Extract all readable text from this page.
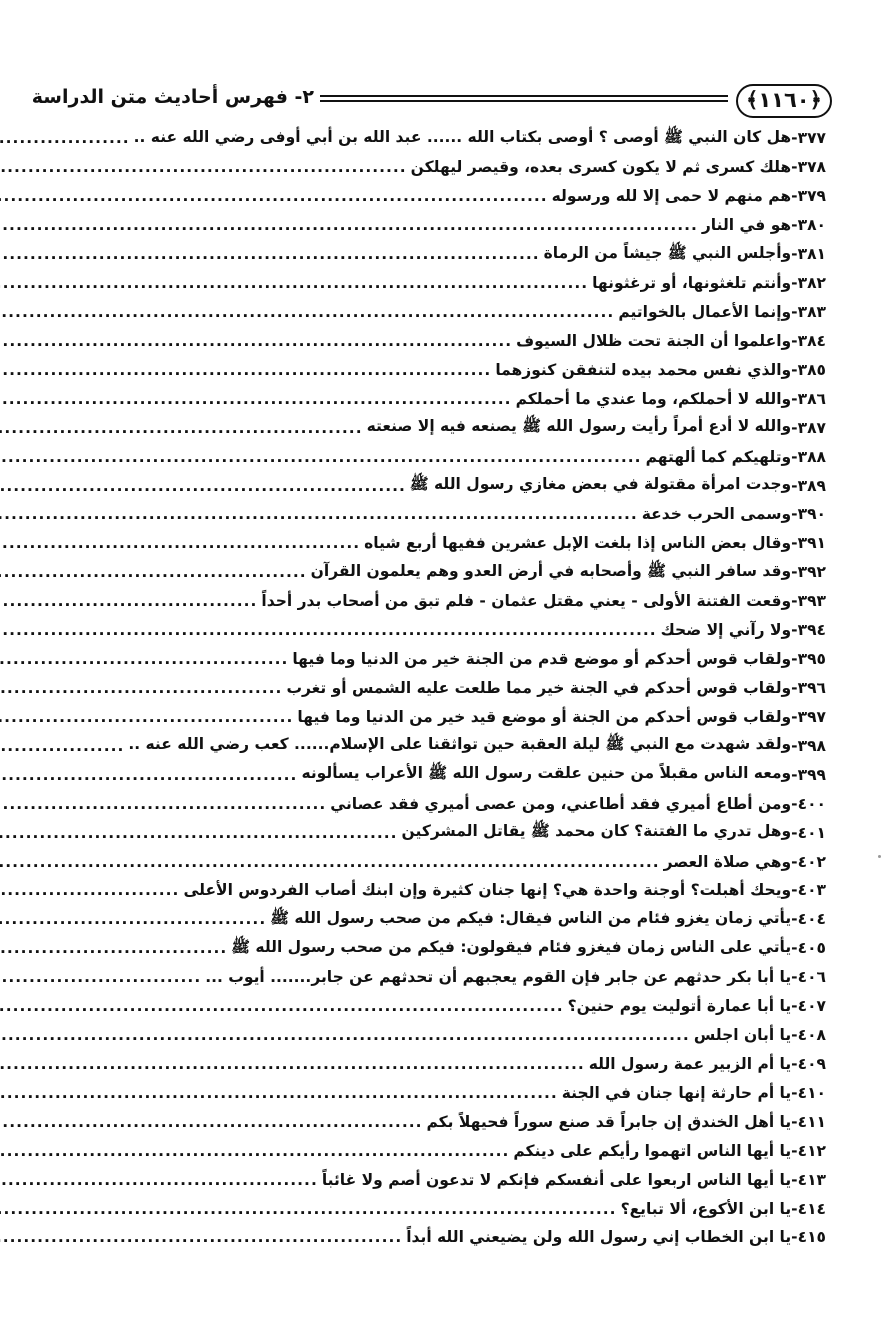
﴿١١٦٠﴾
٢- فهرس أحاديث متن الدراسة
٣٧٧-
هل كان النبي ﷺ أوصى ؟ أوصى بكتاب الله ...... عبد الله بن أبي أوفى رضي الله عنه ..
.....
٣٧٨-
هلك كسرى ثم لا يكون كسرى بعده، وقيصر ليهلكن
.....
٣٧٩-
هم منهم لا حمى إلا لله ورسوله
.....
٣٨٠-
هو في النار
.....
٣٨١-
وأجلس النبي ﷺ جيشاً من الرماة
.....
٣٨٢-
وأنتم تلغثونها، أو ترغثونها
.....
٣٨٣-
وإنما الأعمال بالخواتيم
.....
٣٨٤-
واعلموا أن الجنة تحت ظلال السيوف
.....
٣٨٥-
والذي نفس محمد بيده لتنفقن كنوزهما
.....
٣٨٦-
والله لا أحملكم، وما عندي ما أحملكم
.....
٣٨٧-
والله لا أدع أمراً رأيت رسول الله ﷺ يصنعه فيه إلا صنعته
.....
٣٨٨-
وتلهيكم كما ألهتهم
.....
٣٨٩-
وجدت امرأة مقتولة في بعض مغازي رسول الله ﷺ
.....
٣٩٠-
وسمى الحرب خدعة
.....
٣٩١-
وقال بعض الناس إذا بلغت الإبل عشرين ففيها أربع شياه
.....
٣٩٢-
وقد سافر النبي ﷺ وأصحابه في أرض العدو وهم يعلمون القرآن
.....
٣٩٣-
وقعت الفتنة الأولى - يعني مقتل عثمان - فلم تبق من أصحاب بدر أحداً
.....
٣٩٤-
ولا رآني إلا ضحك
.....
٣٩٥-
ولقاب قوس أحدكم أو موضع قدم من الجنة خير من الدنيا وما فيها
.....
٣٩٦-
ولقاب قوس أحدكم في الجنة خير مما طلعت عليه الشمس أو تغرب
.....
٣٩٧-
ولقاب قوس أحدكم من الجنة أو موضع قيد خير من الدنيا وما فيها
.....
٣٩٨-
ولقد شهدت مع النبي ﷺ ليلة العقبة حين تواثقنا على الإسلام...... كعب رضي الله عنه ..
.....
٣٩٩-
ومعه الناس مقبلاً من حنين علقت رسول الله ﷺ الأعراب يسألونه
.....
٤٠٠-
ومن أطاع أميري فقد أطاعني، ومن عصى أميري فقد عصاني
.....
٤٠١-
وهل تدري ما الفتنة؟ كان محمد ﷺ يقاتل المشركين
.....
٤٠٢-
وهي صلاة العصر
.....
٤٠٣-
ويحك أهبلت؟ أوجنة واحدة هي؟ إنها جنان كثيرة وإن ابنك أصاب الفردوس الأعلى
.....
٤٠٤-
يأتي زمان يغزو فئام من الناس فيقال: فيكم من صحب رسول الله ﷺ
.....
٤٠٥-
يأتي على الناس زمان فيغزو فئام فيقولون: فيكم من صحب رسول الله ﷺ
.....
٤٠٦-
يا أبا بكر حدثهم عن جابر فإن القوم يعجبهم أن تحدثهم عن جابر....... أيوب ...
.....
٤٠٧-
يا أبا عمارة أتوليت يوم حنين؟
.....
٤٠٨-
يا أبان اجلس
.....
٤٠٩-
يا أم الزبير عمة رسول الله
.....
٤١٠-
يا أم حارثة إنها جنان في الجنة
.....
٤١١-
يا أهل الخندق إن جابراً قد صنع سوراً فحيهلاً بكم
.....
٤١٢-
يا أيها الناس اتهموا رأيكم على دينكم
.....
٤١٣-
يا أيها الناس اربعوا على أنفسكم فإنكم لا تدعون أصم ولا غائباً
.....
٤١٤-
يا ابن الأكوع، ألا تبايع؟
.....
٤١٥-
يا ابن الخطاب إني رسول الله ولن يضيعني الله أبداً
.....
